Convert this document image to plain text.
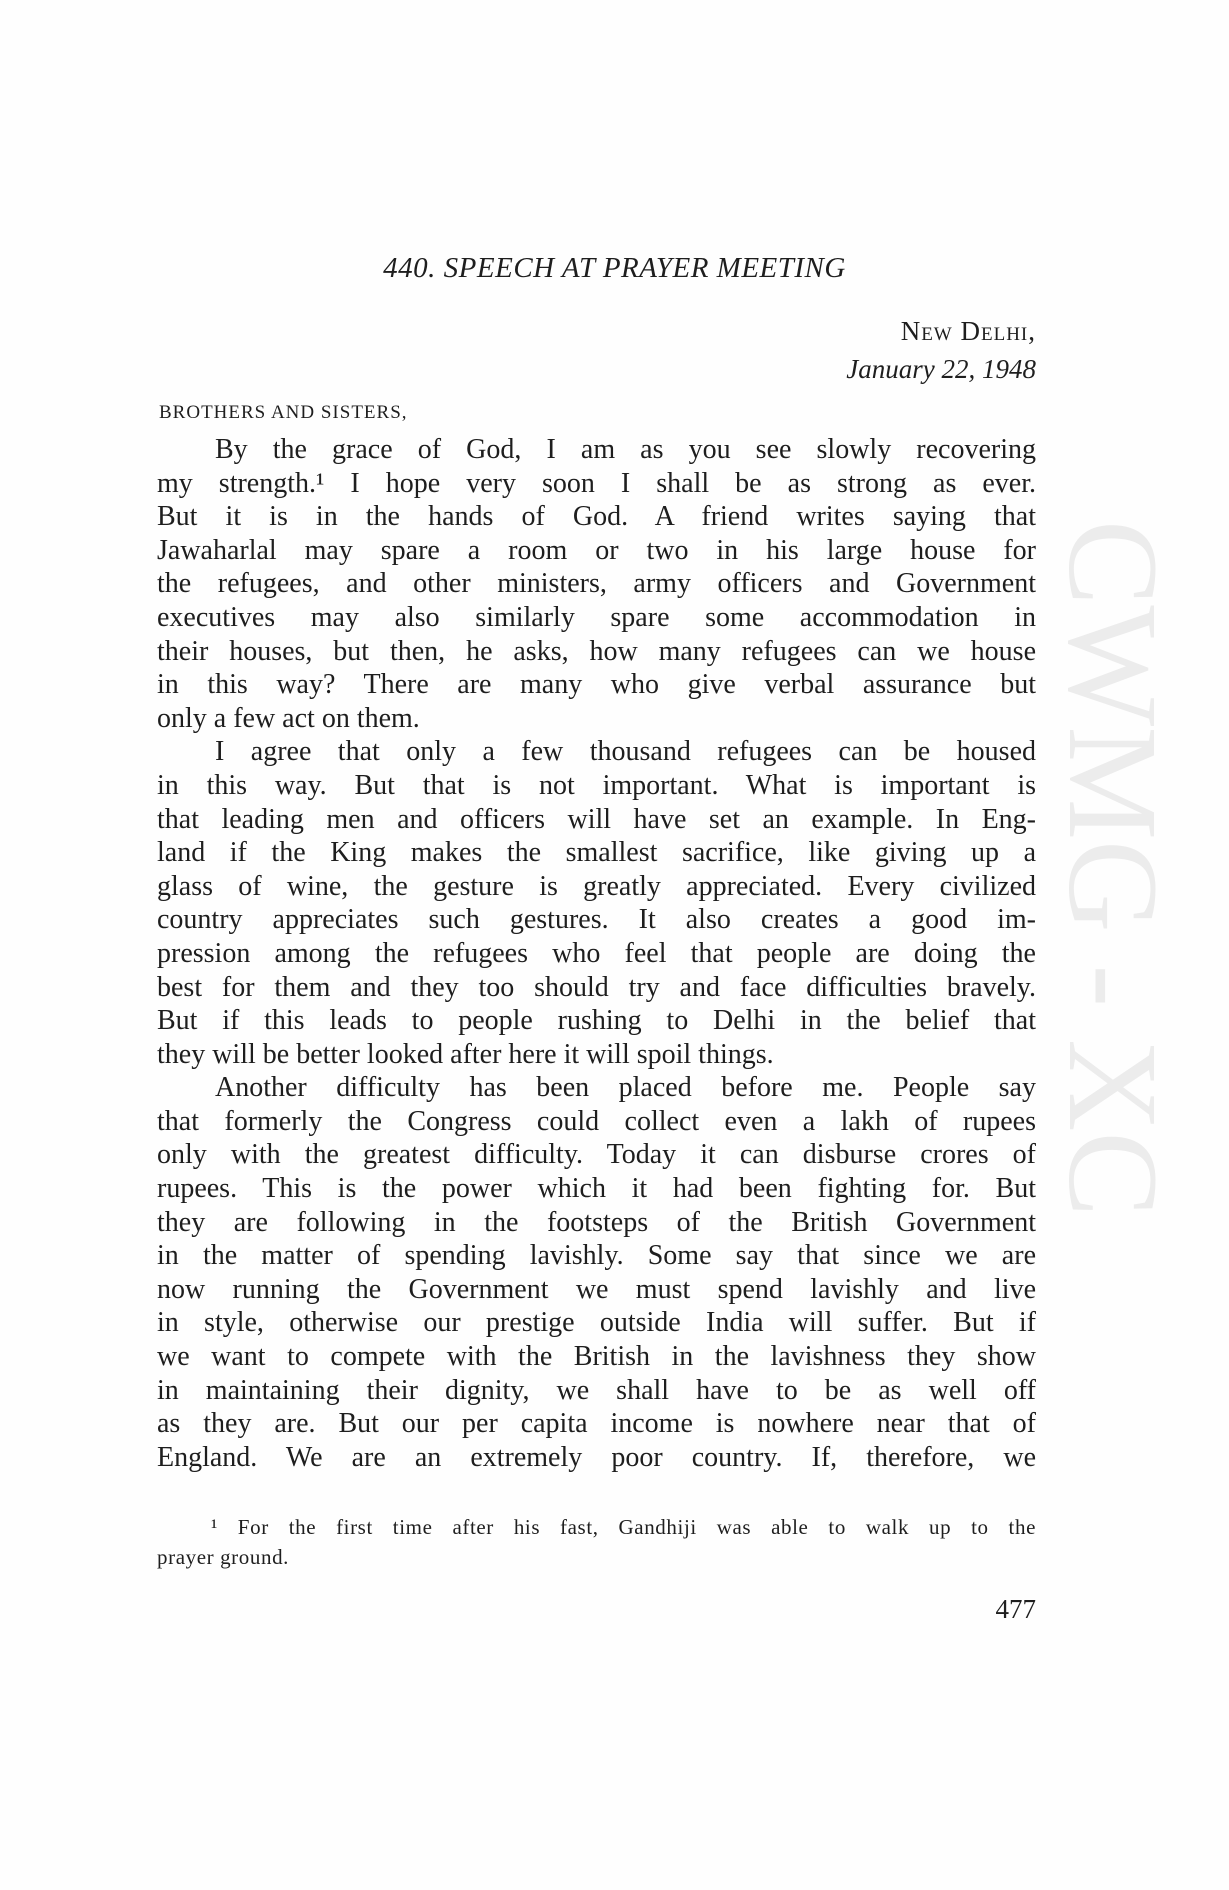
440. SPEECH AT PRAYER MEETING
New Delhi,
January 22, 1948
BROTHERS AND SISTERS,
By the grace of God, I am as you see slowly recovering
my strength.¹ I hope very soon I shall be as strong as ever.
But it is in the hands of God. A friend writes saying that
Jawaharlal may spare a room or two in his large house for
the refugees, and other ministers, army officers and Government
executives may also similarly spare some accommodation in
their houses, but then, he asks, how many refugees can we house
in this way? There are many who give verbal assurance but
only a few act on them.
I agree that only a few thousand refugees can be housed
in this way. But that is not important. What is important is
that leading men and officers will have set an example. In Eng-
land if the King makes the smallest sacrifice, like giving up a
glass of wine, the gesture is greatly appreciated. Every civilized
country appreciates such gestures. It also creates a good im-
pression among the refugees who feel that people are doing the
best for them and they too should try and face difficulties bravely.
But if this leads to people rushing to Delhi in the belief that
they will be better looked after here it will spoil things.
Another difficulty has been placed before me. People say
that formerly the Congress could collect even a lakh of rupees
only with the greatest difficulty. Today it can disburse crores of
rupees. This is the power which it had been fighting for. But
they are following in the footsteps of the British Government
in the matter of spending lavishly. Some say that since we are
now running the Government we must spend lavishly and live
in style, otherwise our prestige outside India will suffer. But if
we want to compete with the British in the lavishness they show
in maintaining their dignity, we shall have to be as well off
as they are. But our per capita income is nowhere near that of
England. We are an extremely poor country. If, therefore, we
¹ For the first time after his fast, Gandhiji was able to walk up to the
prayer ground.
477
CWMG - XC
